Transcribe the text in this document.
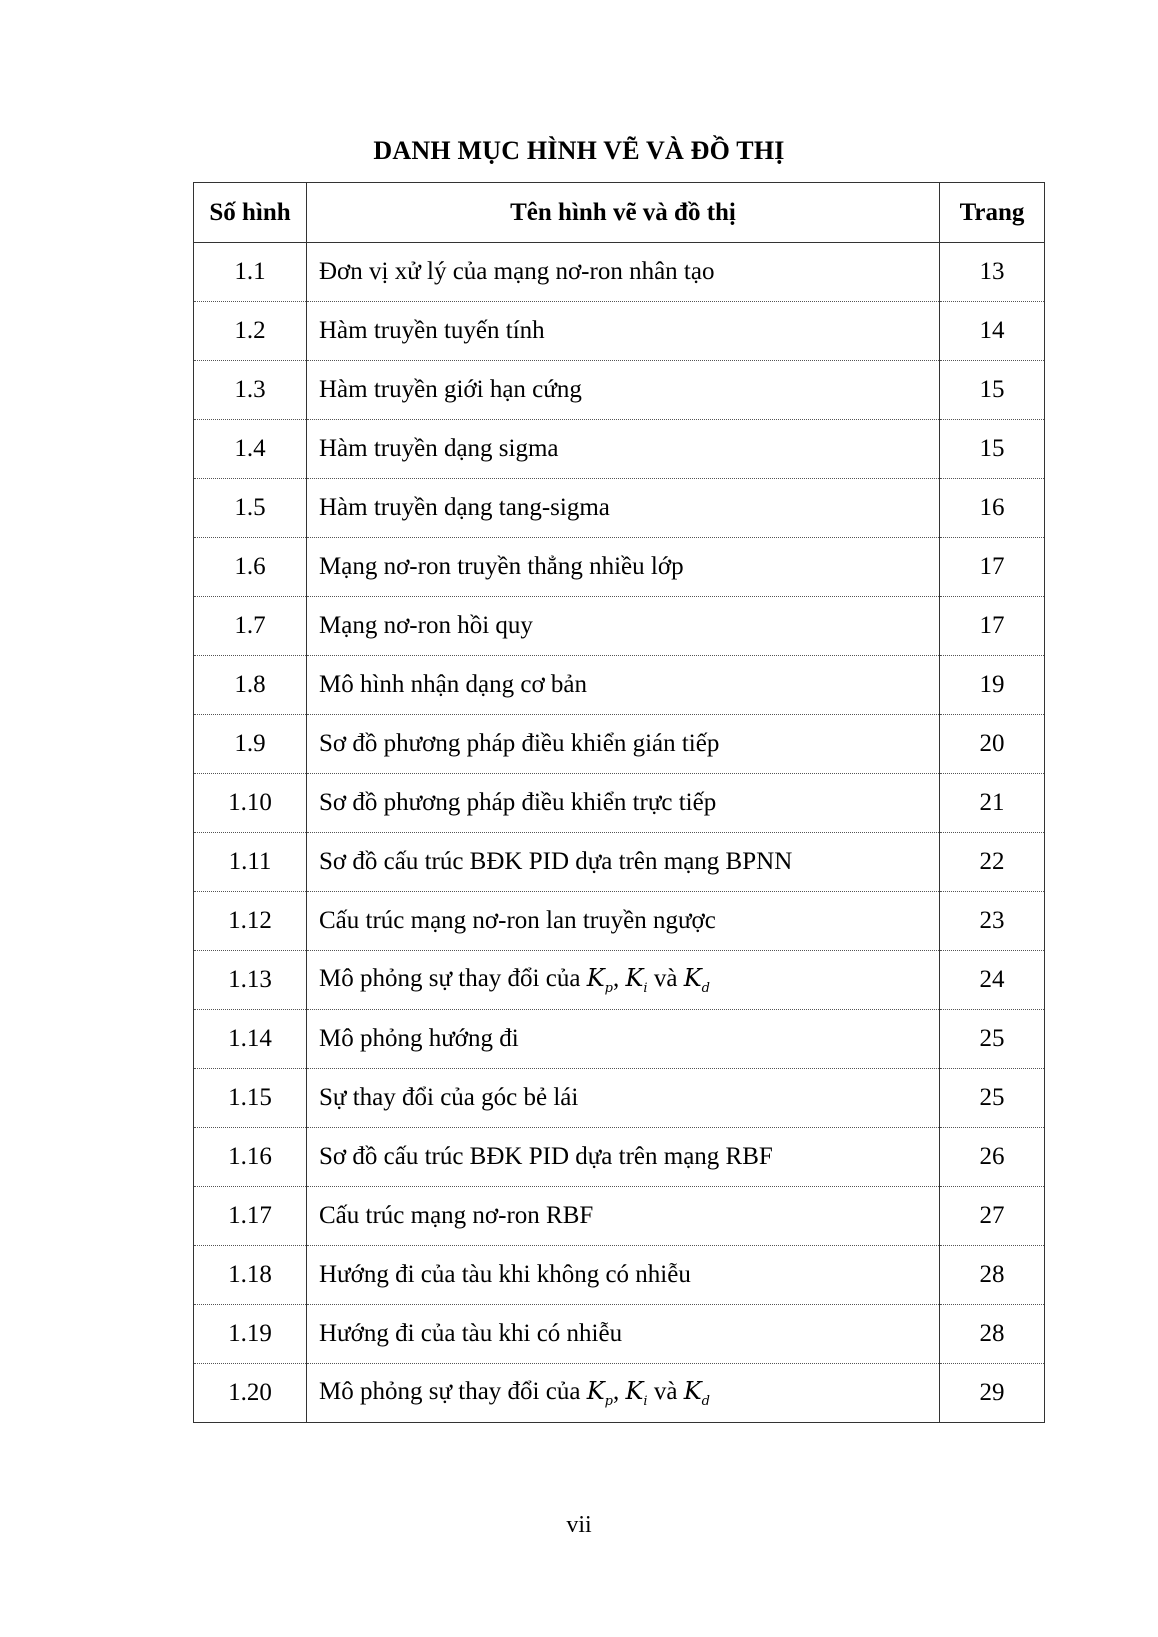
DANH MỤC HÌNH VẼ VÀ ĐỒ THỊ
Số hình	Tên hình vẽ và đồ thị	Trang
1.1	Đơn vị xử lý của mạng nơ-ron nhân tạo	13
1.2	Hàm truyền tuyến tính	14
1.3	Hàm truyền giới hạn cứng	15
1.4	Hàm truyền dạng sigma	15
1.5	Hàm truyền dạng tang-sigma	16
1.6	Mạng nơ-ron truyền thẳng nhiều lớp	17
1.7	Mạng nơ-ron hồi quy	17
1.8	Mô hình nhận dạng cơ bản	19
1.9	Sơ đồ phương pháp điều khiển gián tiếp	20
1.10	Sơ đồ phương pháp điều khiển trực tiếp	21
1.11	Sơ đồ cấu trúc BĐK PID dựa trên mạng BPNN	22
1.12	Cấu trúc mạng nơ-ron lan truyền ngược	23
1.13	Mô phỏng sự thay đổi của $K_p$, $K_i$ và $K_d$	24
1.14	Mô phỏng hướng đi	25
1.15	Sự thay đổi của góc bẻ lái	25
1.16	Sơ đồ cấu trúc BĐK PID dựa trên mạng RBF	26
1.17	Cấu trúc mạng nơ-ron RBF	27
1.18	Hướng đi của tàu khi không có nhiễu	28
1.19	Hướng đi của tàu khi có nhiễu	28
1.20	Mô phỏng sự thay đổi của $K_p$, $K_i$ và $K_d$	29
vii
